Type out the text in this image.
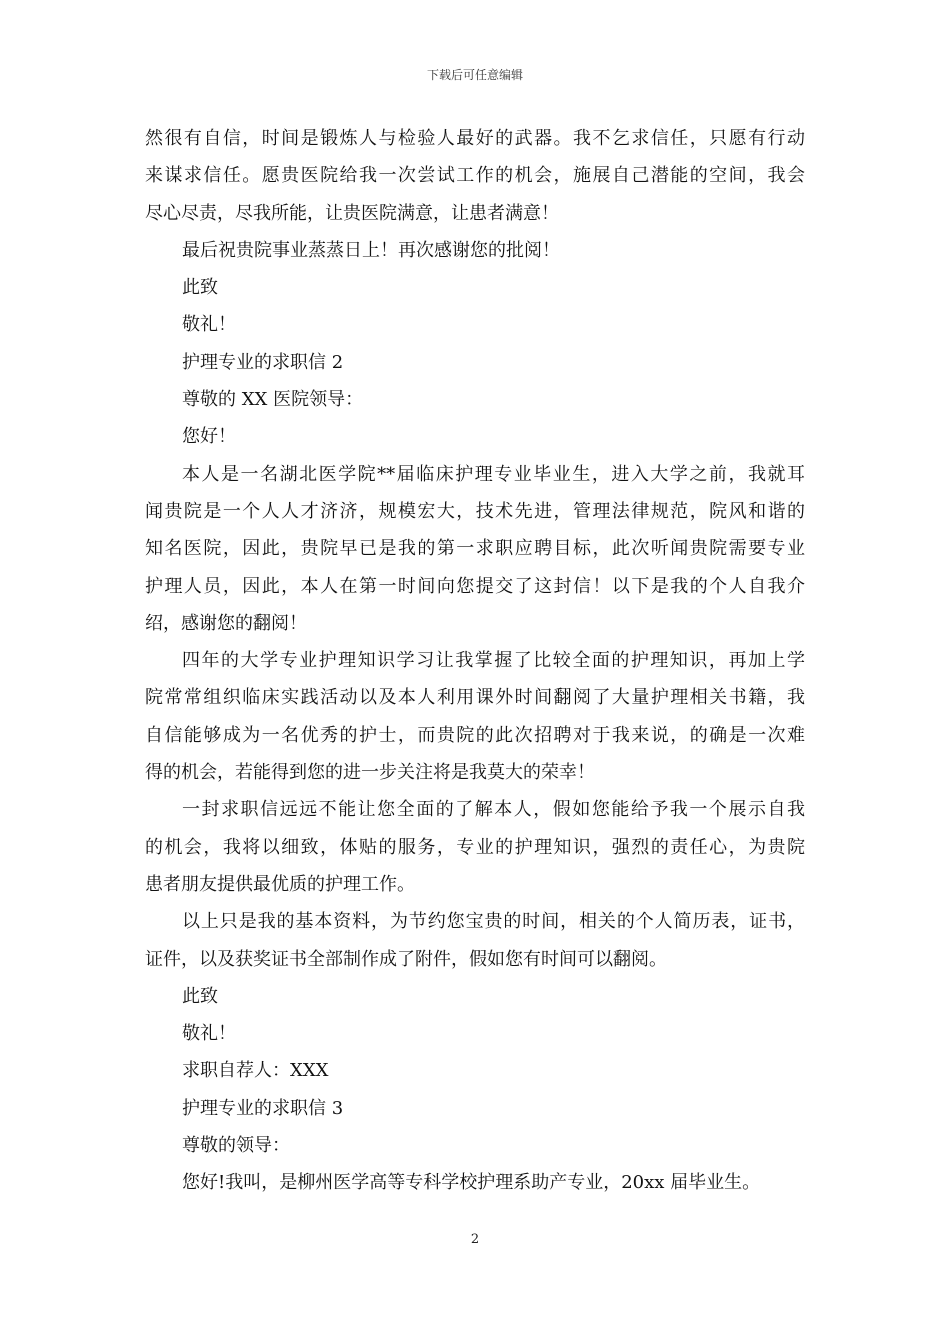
下载后可任意编辑

然很有自信，时间是锻炼人与检验人最好的武器。我不乞求信任，只愿有行动

来谋求信任。愿贵医院给我一次尝试工作的机会，施展自己潜能的空间，我会

尽心尽责，尽我所能，让贵医院满意，让患者满意！

最后祝贵院事业蒸蒸日上！再次感谢您的批阅！

此致

敬礼！

护理专业的求职信 2

尊敬的 XX 医院领导：

您好！

本人是一名湖北医学院**届临床护理专业毕业生，进入大学之前，我就耳

闻贵院是一个人人才济济，规模宏大，技术先进，管理法律规范，院风和谐的

知名医院，因此，贵院早已是我的第一求职应聘目标，此次听闻贵院需要专业

护理人员，因此，本人在第一时间向您提交了这封信！以下是我的个人自我介

绍，感谢您的翻阅！

四年的大学专业护理知识学习让我掌握了比较全面的护理知识，再加上学

院常常组织临床实践活动以及本人利用课外时间翻阅了大量护理相关书籍，我

自信能够成为一名优秀的护士，而贵院的此次招聘对于我来说，的确是一次难

得的机会，若能得到您的进一步关注将是我莫大的荣幸！

一封求职信远远不能让您全面的了解本人，假如您能给予我一个展示自我

的机会，我将以细致，体贴的服务，专业的护理知识，强烈的责任心，为贵院

患者朋友提供最优质的护理工作。

以上只是我的基本资料，为节约您宝贵的时间，相关的个人简历表，证书，

证件，以及获奖证书全部制作成了附件，假如您有时间可以翻阅。

此致

敬礼！

求职自荐人：XXX

护理专业的求职信 3

尊敬的领导：

您好!我叫，是柳州医学高等专科学校护理系助产专业，20xx 届毕业生。

2
